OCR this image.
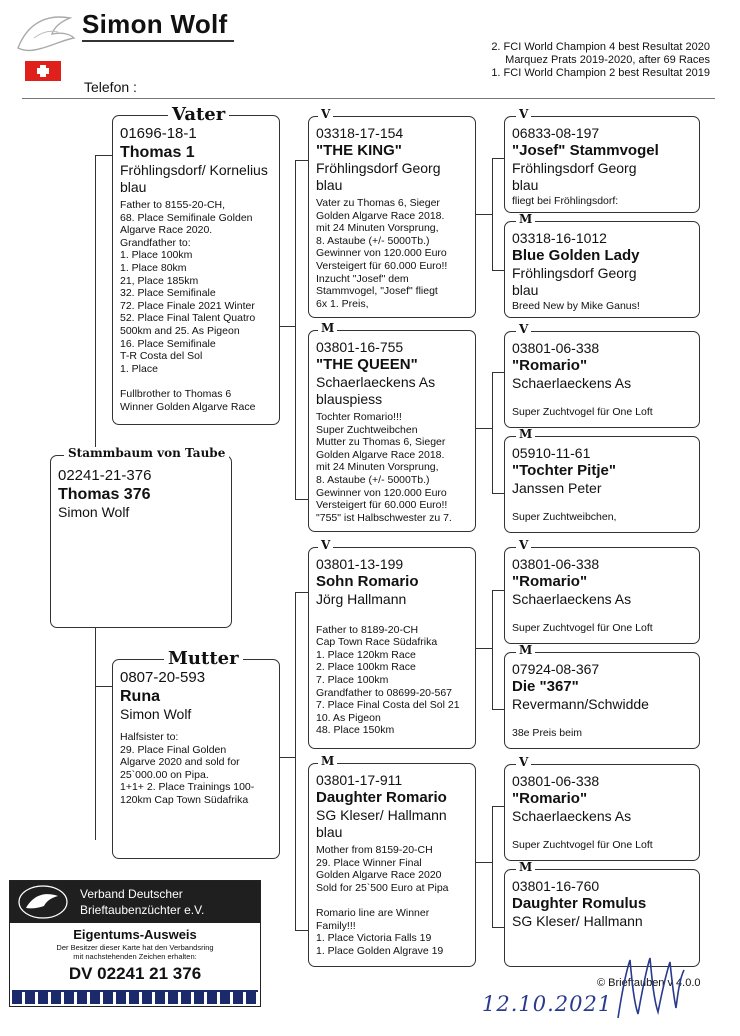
Simon Wolf
2. FCI World Champion 4 best Resultat 2020
Marquez Prats 2019-2020, after 69 Races
1. FCI World Champion 2 best Resultat 2019
Telefon :
02241-21-376
Thomas 376
Simon Wolf
Stammbaum von Taube
01696-18-1
Thomas 1
Fröhlingsdorf/ Kornelius
blau
Father to 8155-20-CH,
68. Place Semifinale Golden
Algarve Race 2020.
Grandfather to:
1. Place 100km
1. Place 80km
21, Place 185km
32. Place Semifinale
72. Place Finale 2021 Winter
52. Place Final Talent Quatro
500km and 25. As Pigeon
16. Place Semifinale
T-R Costa del Sol
1. Place

Fullbrother to Thomas 6
Winner Golden Algarve Race
Vater
0807-20-593
Runa
Simon Wolf
Halfsister to:
29. Place Final Golden
Algarve 2020 and sold for
25`000.00 on Pipa.
1+1+ 2. Place Trainings 100-
120km Cap Town Südafrika
Mutter
03318-17-154
"THE KING"
Fröhlingsdorf Georg
blau
Vater zu Thomas 6, Sieger
Golden Algarve Race 2018.
mit 24 Minuten Vorsprung,
8. Astaube (+/- 5000Tb.)
Gewinner von 120.000 Euro
Versteigert für 60.000 Euro!!
Inzucht "Josef" dem
Stammvogel, "Josef" fliegt
6x 1. Preis,
V
03801-16-755
"THE QUEEN"
Schaerlaeckens As
blauspiess
Tochter Romario!!!
Super Zuchtweibchen
Mutter zu Thomas 6, Sieger
Golden Algarve Race 2018.
mit 24 Minuten Vorsprung,
8. Astaube (+/- 5000Tb.)
Gewinner von 120.000 Euro
Versteigert für 60.000 Euro!!
"755" ist Halbschwester zu 7.
M
03801-13-199
Sohn Romario
Jörg Hallmann

Father to 8189-20-CH
Cap Town Race Südafrika
1. Place 120km Race
2. Place 100km Race
7. Place 100km
Grandfather to 08699-20-567
7. Place Final Costa del Sol 21
10. As Pigeon
48. Place 150km
V
03801-17-911
Daughter Romario
SG Kleser/ Hallmann
blau
Mother from 8159-20-CH
29. Place Winner Final
Golden Algarve Race 2020
Sold for 25`500 Euro at Pipa

Romario line are Winner
Family!!!
1. Place Victoria Falls 19
1. Place Golden Algrave 19
M
06833-08-197
"Josef" Stammvogel
Fröhlingsdorf Georg
blau
fliegt bei Fröhlingsdorf:
V
03318-16-1012
Blue Golden Lady
Fröhlingsdorf Georg
blau
Breed New by Mike Ganus!
M
03801-06-338
"Romario"
Schaerlaeckens As
Super Zuchtvogel für One Loft
V
05910-11-61
"Tochter Pitje"
Janssen Peter
Super Zuchtweibchen,
M
03801-06-338
"Romario"
Schaerlaeckens As
Super Zuchtvogel für One Loft
V
07924-08-367
Die "367"
Revermann/Schwidde
38e Preis beim
M
03801-06-338
"Romario"
Schaerlaeckens As
Super Zuchtvogel für One Loft
V
03801-16-760
Daughter Romulus
SG Kleser/ Hallmann
M
Verband Deutscher
Brieftaubenzüchter e.V.
Eigentums-Ausweis
Der Besitzer dieser Karte hat den Verbandsring
mit nachstehenden Zeichen erhalten:
DV 02241 21 376	© Brieftauben v 4.0.0
12.10.2021
